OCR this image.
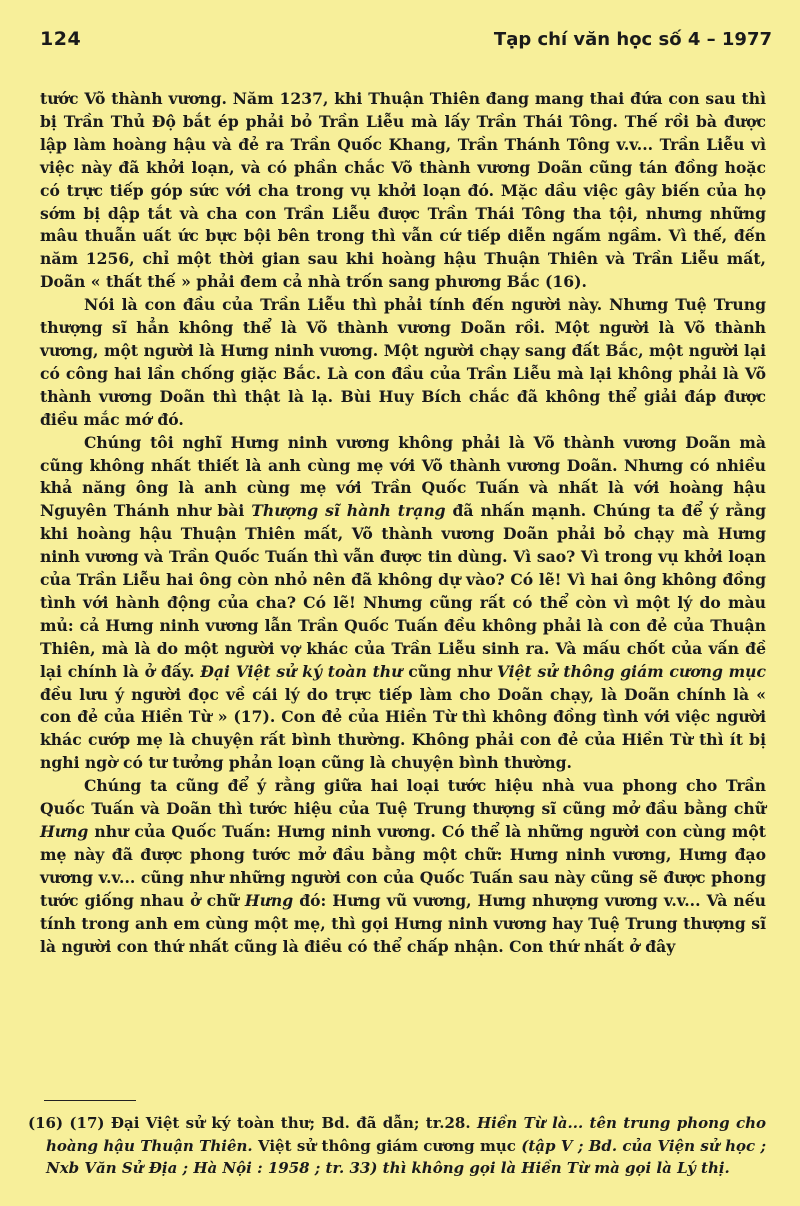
124	Tạp chí văn học số 4 – 1977

tước Võ thành vương. Năm 1237, khi Thuận Thiên đang mang thai đứa con sau thì bị Trần Thủ Độ bắt ép phải bỏ Trần Liễu mà lấy Trần Thái Tông. Thế rồi bà được lập làm hoàng hậu và đẻ ra Trần Quốc Khang, Trần Thánh Tông v.v... Trần Liễu vì việc này đã khởi loạn, và có phần chắc Võ thành vương Doãn cũng tán đồng hoặc có trực tiếp góp sức với cha trong vụ khởi loạn đó. Mặc dầu việc gây biến của họ sớm bị dập tắt và cha con Trần Liễu được Trần Thái Tông tha tội, nhưng những mâu thuẫn uất ức bực bội bên trong thì vẫn cứ tiếp diễn ngấm ngầm. Vì thế, đến năm 1256, chỉ một thời gian sau khi hoàng hậu Thuận Thiên và Trần Liễu mất, Doãn « thất thế » phải đem cả nhà trốn sang phương Bắc (16).

Nói là con đầu của Trần Liễu thì phải tính đến người này. Nhưng Tuệ Trung thượng sĩ hẳn không thể là Võ thành vương Doãn rồi. Một người là Võ thành vương, một người là Hưng ninh vương. Một người chạy sang đất Bắc, một người lại có công hai lần chống giặc Bắc. Là con đầu của Trần Liễu mà lại không phải là Võ thành vương Doãn thì thật là lạ. Bùi Huy Bích chắc đã không thể giải đáp được điều mắc mớ đó.

Chúng tôi nghĩ Hưng ninh vương không phải là Võ thành vương Doãn mà cũng không nhất thiết là anh cùng mẹ với Võ thành vương Doãn. Nhưng có nhiều khả năng ông là anh cùng mẹ với Trần Quốc Tuấn và nhất là với hoàng hậu Nguyên Thánh như bài Thượng sĩ hành trạng đã nhấn mạnh. Chúng ta để ý rằng khi hoàng hậu Thuận Thiên mất, Võ thành vương Doãn phải bỏ chạy mà Hưng ninh vương và Trần Quốc Tuấn thì vẫn được tin dùng. Vì sao? Vì trong vụ khởi loạn của Trần Liễu hai ông còn nhỏ nên đã không dự vào? Có lẽ! Vì hai ông không đồng tình với hành động của cha? Có lẽ! Nhưng cũng rất có thể còn vì một lý do màu mủ: cả Hưng ninh vương lẫn Trần Quốc Tuấn đều không phải là con đẻ của Thuận Thiên, mà là do một người vợ khác của Trần Liễu sinh ra. Và mấu chốt của vấn đề lại chính là ở đấy. Đại Việt sử ký toàn thư cũng như Việt sử thông giám cương mục đều lưu ý người đọc về cái lý do trực tiếp làm cho Doãn chạy, là Doãn chính là « con đẻ của Hiền Từ » (17). Con đẻ của Hiền Từ thì không đồng tình với việc người khác cướp mẹ là chuyện rất bình thường. Không phải con đẻ của Hiền Từ thì ít bị nghi ngờ có tư tưởng phản loạn cũng là chuyện bình thường.

Chúng ta cũng để ý rằng giữa hai loại tước hiệu nhà vua phong cho Trần Quốc Tuấn và Doãn thì tước hiệu của Tuệ Trung thượng sĩ cũng mở đầu bằng chữ Hưng như của Quốc Tuấn: Hưng ninh vương. Có thể là những người con cùng một mẹ này đã được phong tước mở đầu bằng một chữ: Hưng ninh vương, Hưng đạo vương v.v... cũng như những người con của Quốc Tuấn sau này cũng sẽ được phong tước giống nhau ở chữ Hưng đó: Hưng vũ vương, Hưng nhượng vương v.v... Và nếu tính trong anh em cùng một mẹ, thì gọi Hưng ninh vương hay Tuệ Trung thượng sĩ là người con thứ nhất cũng là điều có thể chấp nhận. Con thứ nhất ở đây

(16) (17) Đại Việt sử ký toàn thư; Bd. đã dẫn; tr.28. Hiền Từ là... tên trung phong cho hoàng hậu Thuận Thiên. Việt sử thông giám cương mục (tập V ; Bd. của Viện sử học ; Nxb Văn Sử Địa ; Hà Nội : 1958 ; tr. 33) thì không gọi là Hiền Từ mà gọi là Lý thị.
